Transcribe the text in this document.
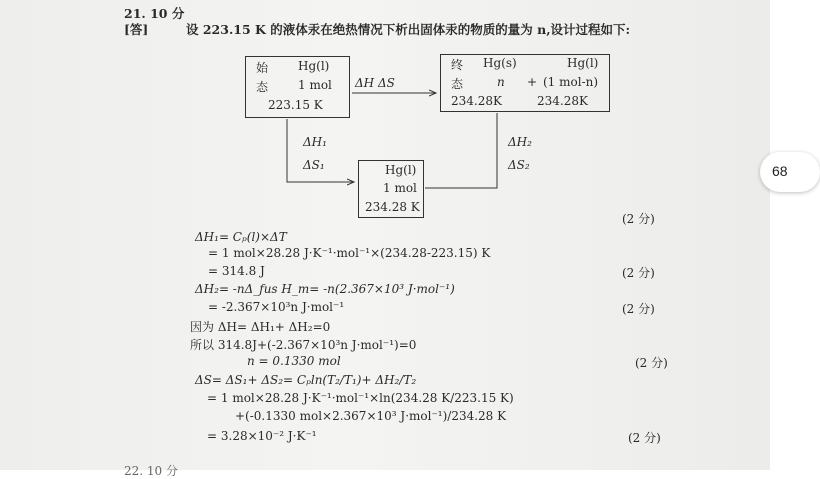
21. 10 分
[答]	设 223.15 K 的液体汞在绝热情况下析出固体汞的物质的量为 n,设计过程如下:
始 Hg(l)
态 1 mol
223.15 K
ΔH ΔS
终 Hg(s)	Hg(l)
态	n + (1 mol-n)
234.28K	234.28K
Hg(l)
1 mol
234.28 K
ΔH₁
ΔS₁
ΔH₂
ΔS₂
ΔH₁= Cₚ(l)×ΔT
= 1 mol×28.28 J·K⁻¹·mol⁻¹×(234.28-223.15) K
= 314.8 J
ΔH₂= -nΔ_fus H_m= -n(2.367×10³ J·mol⁻¹)
= -2.367×10³n J·mol⁻¹
因为 ΔH= ΔH₁+ ΔH₂=0
所以 314.8J+(-2.367×10³n J·mol⁻¹)=0
n = 0.1330 mol
ΔS= ΔS₁+ ΔS₂= Cₚln(T₂/T₁)+ ΔH₂/T₂
= 1 mol×28.28 J·K⁻¹·mol⁻¹×ln(234.28 K/223.15 K)
+(-0.1330 mol×2.367×10³ J·mol⁻¹)/234.28 K
= 3.28×10⁻² J·K⁻¹
(2 分)
(2 分)
(2 分)
(2 分)
(2 分)
22. 10 分
68
